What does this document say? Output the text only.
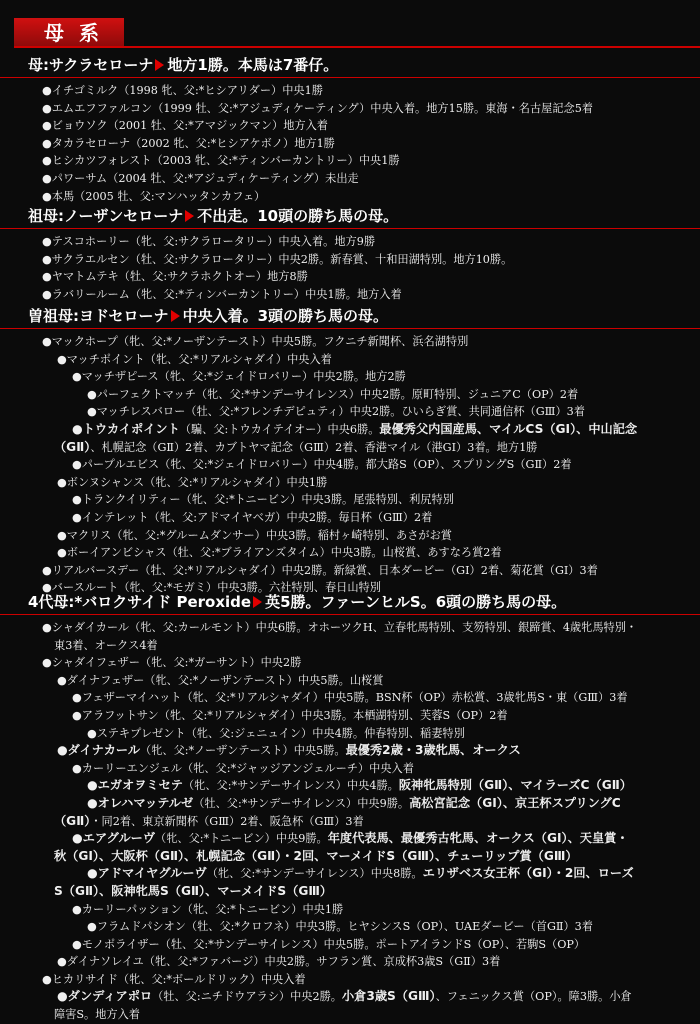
母 系
母:サクラセローナ 地方1勝。本馬は7番仔。
●イチゴミルク（1998 牝、父:*ヒシアリダー）中央1勝
●エムエフファルコン（1999 牡、父:*アジュディケーティング）中央入着。地方15勝。東海・名古屋記念5着
●ビョウソク（2001 牡、父:*アマジックマン）地方入着
●タカラセローナ（2002 牝、父:*ヒシアケボノ）地方1勝
●ヒシカツフォレスト（2003 牝、父:*ティンバーカントリー）中央1勝
●パワーサム（2004 牡、父:*アジュディケーティング）未出走
●本馬（2005 牡、父:マンハッタンカフェ）
祖母:ノーザンセローナ 不出走。10頭の勝ち馬の母。
●テスコホーリー（牝、父:サクラロータリー）中央入着。地方9勝
●サクラエルセン（牡、父:サクラロータリー）中央2勝。新春賞、十和田湖特別。地方10勝。
●ヤマトムテキ（牡、父:サクラホクトオー）地方8勝
●ラバリールーム（牝、父:*ティンバーカントリー）中央1勝。地方入着
曽祖母:ヨドセローナ 中央入着。3頭の勝ち馬の母。
●マックホープ（牝、父:*ノーザンテースト）中央5勝。フクニチ新聞杯、浜名湖特別
●マッチポイント（牝、父:*リアルシャダイ）中央入着
●マッチザピース（牝、父:*ジェイドロバリー）中央2勝。地方2勝
●パーフェクトマッチ（牝、父:*サンデーサイレンス）中央2勝。原町特別、ジュニアC（OP）2着
●マッチレスバロー（牡、父:*フレンチデピュティ）中央2勝。ひいらぎ賞、共同通信杯（GⅢ）3着
●トウカイポイント（騙、父:トウカイテイオー）中央6勝。最優秀父内国産馬、マイルCS（GⅠ）、中山記念
（GⅡ）、札幌記念（GⅡ）2着、カブトヤマ記念（GⅢ）2着、香港マイル（港GⅠ）3着。地方1勝
●パープルエビス（牝、父:*ジェイドロバリー）中央4勝。都大路S（OP）、スプリングS（GⅡ）2着
●ボンヌシャンス（牝、父:*リアルシャダイ）中央1勝
●トランクイリティー（牝、父:*トニービン）中央3勝。尾張特別、利尻特別
●インテレット（牝、父:アドマイヤベガ）中央2勝。毎日杯（GⅢ）2着
●マクリス（牝、父:*グルームダンサー）中央3勝。稲村ヶ崎特別、あさがお賞
●ボーイアンビシャス（牡、父:*ブライアンズタイム）中央3勝。山桜賞、あすなろ賞2着
●リアルバースデー（牡、父:*リアルシャダイ）中央2勝。新緑賞、日本ダービー（GⅠ）2着、菊花賞（GⅠ）3着
●バースルート（牝、父:*モガミ）中央3勝。六社特別、春日山特別
4代母:*バロクサイド Peroxide 英5勝。ファーンヒルS。6頭の勝ち馬の母。
●シャダイカール（牝、父:カールモント）中央6勝。オホーツクH、立春牝馬特別、支笏特別、銀蹄賞、4歳牝馬特別・
東3着、オークス4着
●シャダイフェザー（牝、父:*ガーサント）中央2勝
●ダイナフェザー（牝、父:*ノーザンテースト）中央5勝。山桜賞
●フェザーマイハット（牝、父:*リアルシャダイ）中央5勝。BSN杯（OP）赤松賞、3歳牝馬S・東（GⅢ）3着
●アラフットサン（牝、父:*リアルシャダイ）中央3勝。本栖湖特別、芙蓉S（OP）2着
●ステキプレゼント（牝、父:ジェニュイン）中央4勝。仲春特別、稲妻特別
●ダイナカール（牝、父:*ノーザンテースト）中央5勝。最優秀2歳・3歳牝馬、オークス
●カーリーエンジェル（牝、父:*ジャッジアンジェルーチ）中央入着
●エガオヲミセテ（牝、父:*サンデーサイレンス）中央4勝。阪神牝馬特別（GⅡ）、マイラーズC（GⅡ）
●オレハマッテルゼ（牡、父:*サンデーサイレンス）中央9勝。高松宮記念（GⅠ）、京王杯スプリングC
（GⅡ）・同2着、東京新聞杯（GⅢ）2着、阪急杯（GⅢ）3着
●エアグルーヴ（牝、父:*トニービン）中央9勝。年度代表馬、最優秀古牝馬、オークス（GⅠ）、天皇賞・
秋（GⅠ）、大阪杯（GⅡ）、札幌記念（GⅡ）・2回、マーメイドS（GⅢ）、チューリップ賞（GⅢ）
●アドマイヤグルーヴ（牝、父:*サンデーサイレンス）中央8勝。エリザベス女王杯（GⅠ）・2回、ローズ
S（GⅡ）、阪神牝馬S（GⅡ）、マーメイドS（GⅢ）
●カーリーパッション（牝、父:*トニービン）中央1勝
●フラムドパシオン（牡、父:*クロフネ）中央3勝。ヒヤシンスS（OP）、UAEダービー（首GⅡ）3着
●モノポライザー（牡、父:*サンデーサイレンス）中央5勝。ポートアイランドS（OP）、若駒S（OP）
●ダイナソレイユ（牝、父:*ファバージ）中央2勝。サフラン賞、京成杯3歳S（GⅡ）3着
●ヒカリサイド（牝、父:*ボールドリック）中央入着
●ダンディアポロ（牡、父:ニチドウアラシ）中央2勝。小倉3歳S（GⅢ）、フェニックス賞（OP）。障3勝。小倉
障害S。地方入着
